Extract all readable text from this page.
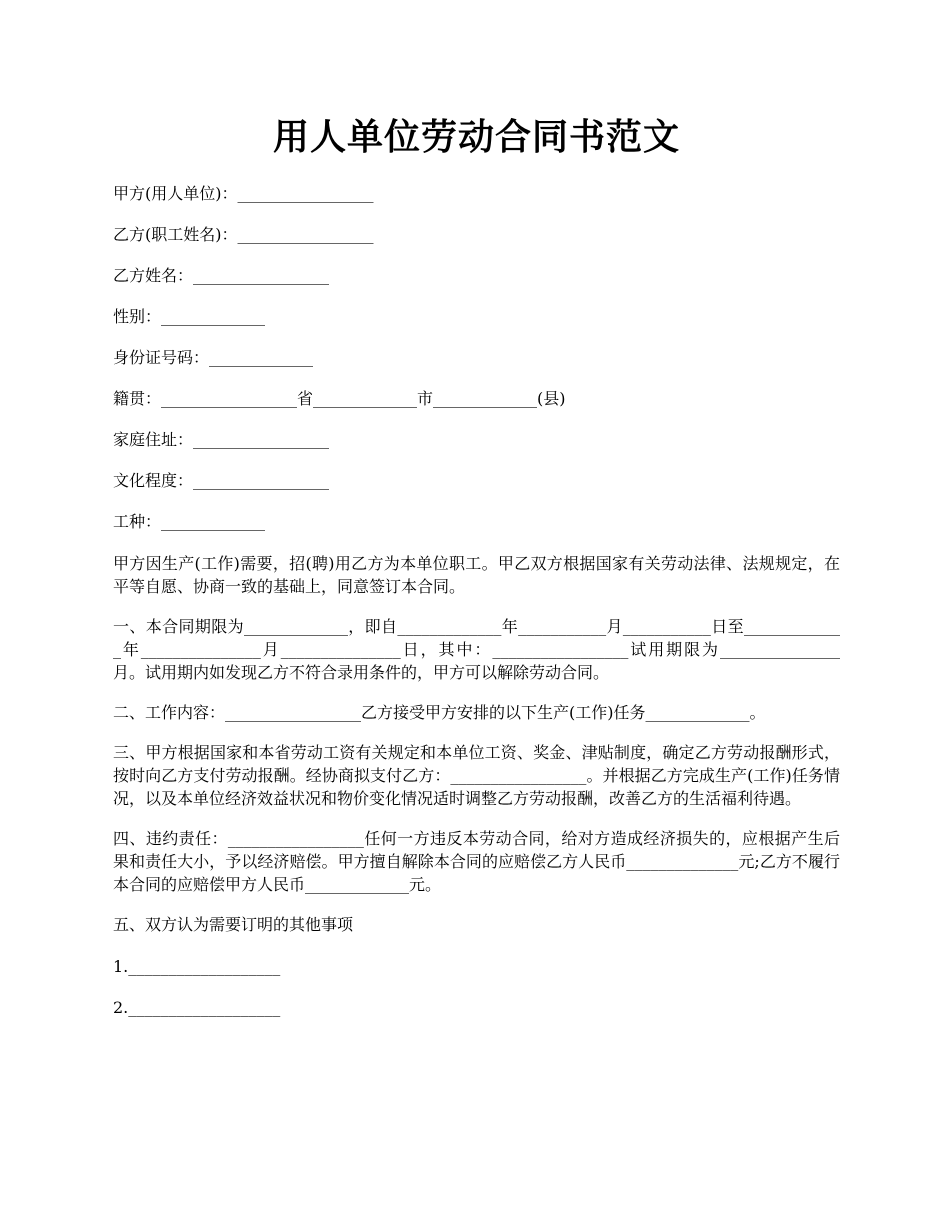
用人单位劳动合同书范文
甲方(用人单位)：_________________
乙方(职工姓名)：_________________
乙方姓名：_________________
性别：_____________
身份证号码：_____________
籍贯：_________________省_____________市_____________(县)
家庭住址：_________________
文化程度：_________________
工种：_____________

甲方因生产(工作)需要，招(聘)用乙方为本单位职工。甲乙双方根据国家有关劳动法律、法规规定，在平等自愿、协商一致的基础上，同意签订本合同。

一、本合同期限为_____________，即自_____________年___________月___________日至_____________年_______________月_______________日，其中：_________________试用期限为_______________月。试用期内如发现乙方不符合录用条件的，甲方可以解除劳动合同。

二、工作内容：_________________乙方接受甲方安排的以下生产(工作)任务_____________。

三、甲方根据国家和本省劳动工资有关规定和本单位工资、奖金、津贴制度，确定乙方劳动报酬形式，按时向乙方支付劳动报酬。经协商拟支付乙方：_________________。并根据乙方完成生产(工作)任务情况，以及本单位经济效益状况和物价变化情况适时调整乙方劳动报酬，改善乙方的生活福利待遇。

四、违约责任：_________________任何一方违反本劳动合同，给对方造成经济损失的，应根据产生后果和责任大小，予以经济赔偿。甲方擅自解除本合同的应赔偿乙方人民币______________元;乙方不履行本合同的应赔偿甲方人民币_____________元。

五、双方认为需要订明的其他事项

1.___________________
2.___________________
